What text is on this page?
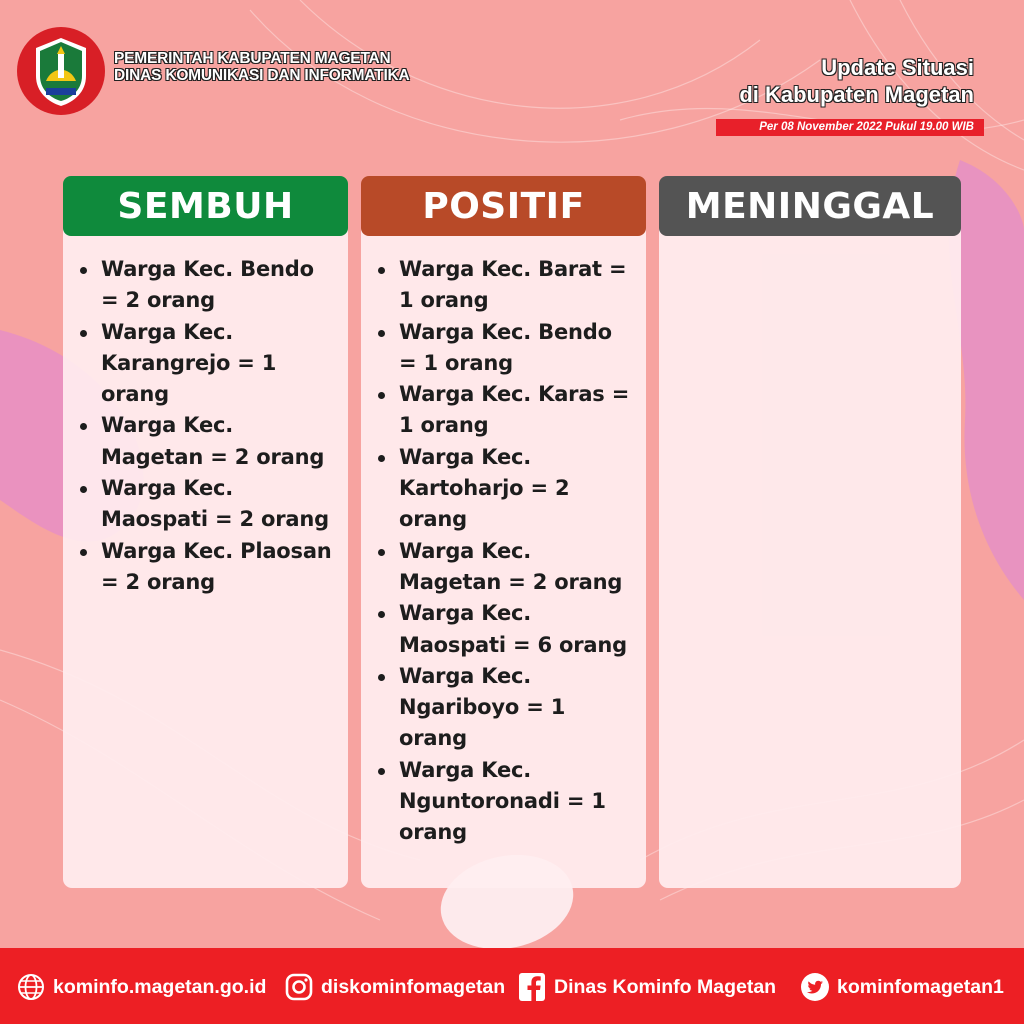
PEMERINTAH KABUPATEN MAGETAN
DINAS KOMUNIKASI DAN INFORMATIKA	Update Situasi
di Kabupaten Magetan
Per 08 November 2022 Pukul 19.00 WIB
SEMBUH
Warga Kec. Bendo = 2 orang
Warga Kec. Karangrejo = 1 orang
Warga Kec. Magetan = 2 orang
Warga Kec. Maospati = 2 orang
Warga Kec. Plaosan = 2 orang
POSITIF
Warga Kec. Barat = 1 orang
Warga Kec. Bendo = 1 orang
Warga Kec. Karas = 1 orang
Warga Kec. Kartoharjo = 2 orang
Warga Kec. Magetan = 2 orang
Warga Kec. Maospati = 6 orang
Warga Kec. Ngariboyo = 1 orang
Warga Kec. Nguntoronadi = 1 orang
MENINGGAL
kominfo.magetan.go.id	diskominfomagetan	Dinas Kominfo Magetan	kominfomagetan1
